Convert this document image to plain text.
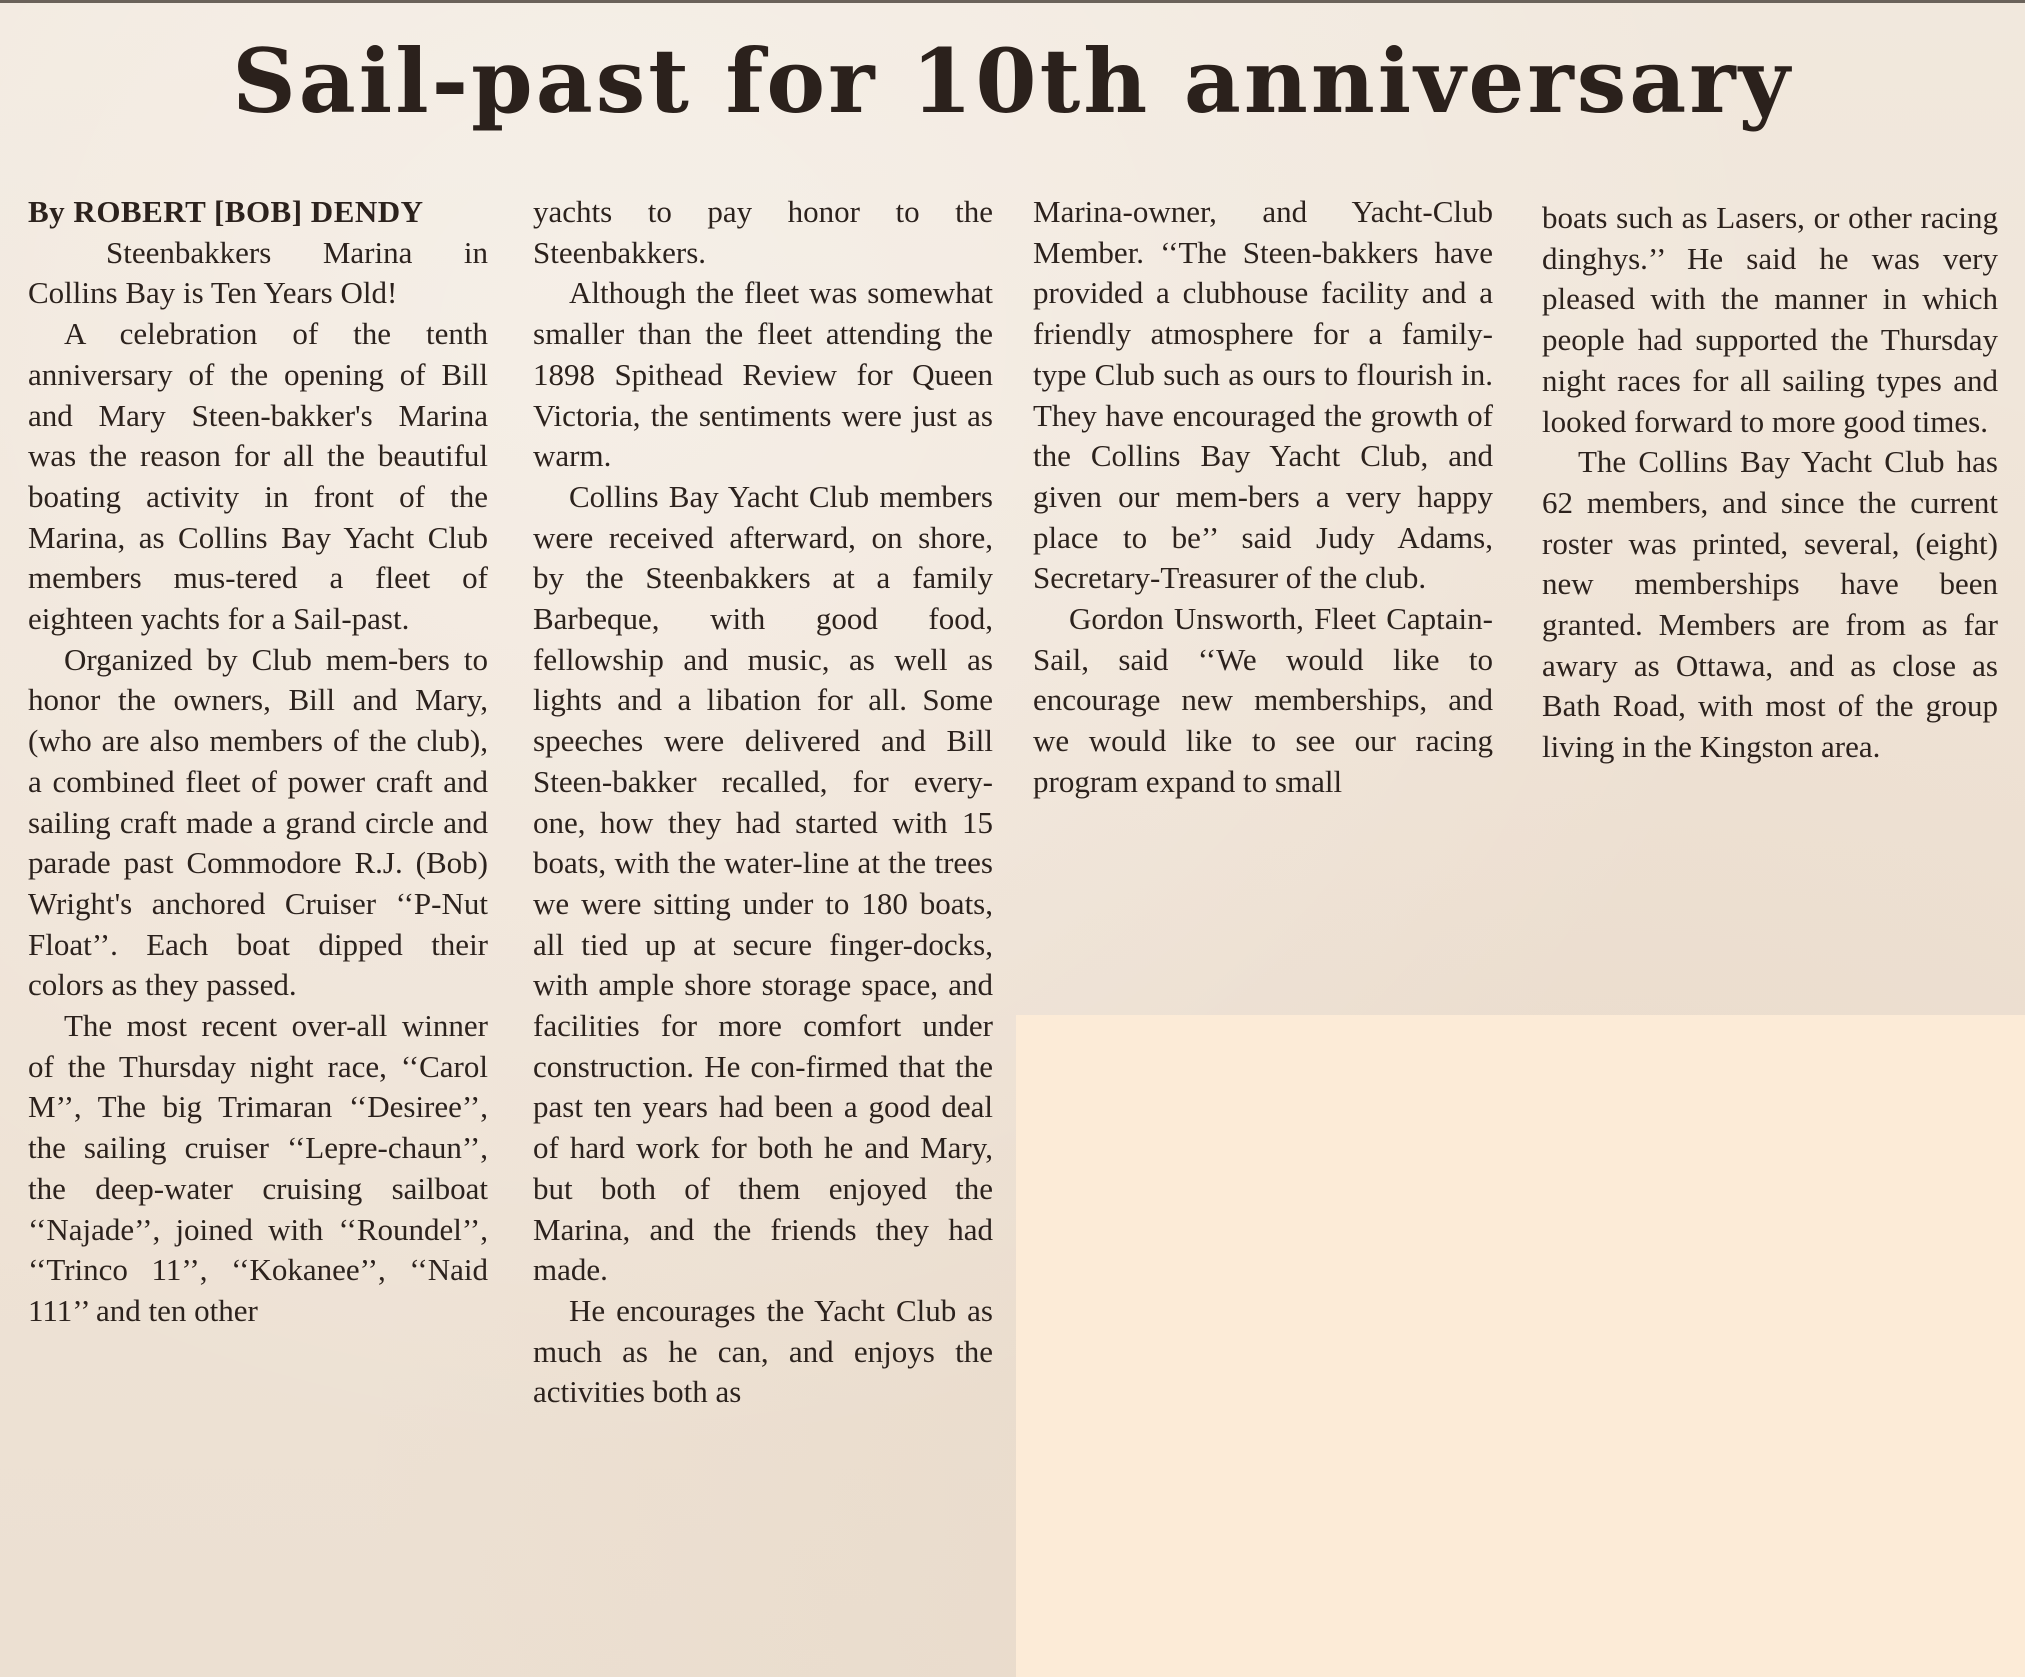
Sail-past for 10th anniversary
By ROBERT [BOB] DENDY

Steenbakkers Marina in Collins Bay is Ten Years Old!

A celebration of the tenth anniversary of the opening of Bill and Mary Steen-bakker's Marina was the reason for all the beautiful boating activity in front of the Marina, as Collins Bay Yacht Club members mus-tered a fleet of eighteen yachts for a Sail-past.

Organized by Club mem-bers to honor the owners, Bill and Mary, (who are also members of the club), a combined fleet of power craft and sailing craft made a grand circle and parade past Commodore R.J. (Bob) Wright's anchored Cruiser ‘‘P-Nut Float’’. Each boat dipped their colors as they passed.

The most recent over-all winner of the Thursday night race, ‘‘Carol M’’, The big Trimaran ‘‘Desiree’’, the sailing cruiser ‘‘Lepre-chaun’’, the deep-water cruising sailboat ‘‘Najade’’, joined with ‘‘Roundel’’, ‘‘Trinco 11’’, ‘‘Kokanee’’, ‘‘Naid 111’’ and ten other

yachts to pay honor to the Steenbakkers.

Although the fleet was somewhat smaller than the fleet attending the 1898 Spithead Review for Queen Victoria, the sentiments were just as warm.

Collins Bay Yacht Club members were received afterward, on shore, by the Steenbakkers at a family Barbeque, with good food, fellowship and music, as well as lights and a libation for all. Some speeches were delivered and Bill Steen-bakker recalled, for every-one, how they had started with 15 boats, with the water-line at the trees we were sitting under to 180 boats, all tied up at secure finger-docks, with ample shore storage space, and facilities for more comfort under construction. He con-firmed that the past ten years had been a good deal of hard work for both he and Mary, but both of them enjoyed the Marina, and the friends they had made.

He encourages the Yacht Club as much as he can, and enjoys the activities both as

Marina-owner, and Yacht-Club Member. ‘‘The Steen-bakkers have provided a clubhouse facility and a friendly atmosphere for a family-type Club such as ours to flourish in. They have encouraged the growth of the Collins Bay Yacht Club, and given our mem-bers a very happy place to be’’ said Judy Adams, Secretary-Treasurer of the club.

Gordon Unsworth, Fleet Captain-Sail, said ‘‘We would like to encourage new memberships, and we would like to see our racing program expand to small

boats such as Lasers, or other racing dinghys.’’ He said he was very pleased with the manner in which people had supported the Thursday night races for all sailing types and looked forward to more good times.

The Collins Bay Yacht Club has 62 members, and since the current roster was printed, several, (eight) new memberships have been granted. Members are from as far awary as Ottawa, and as close as Bath Road, with most of the group living in the Kingston area.
